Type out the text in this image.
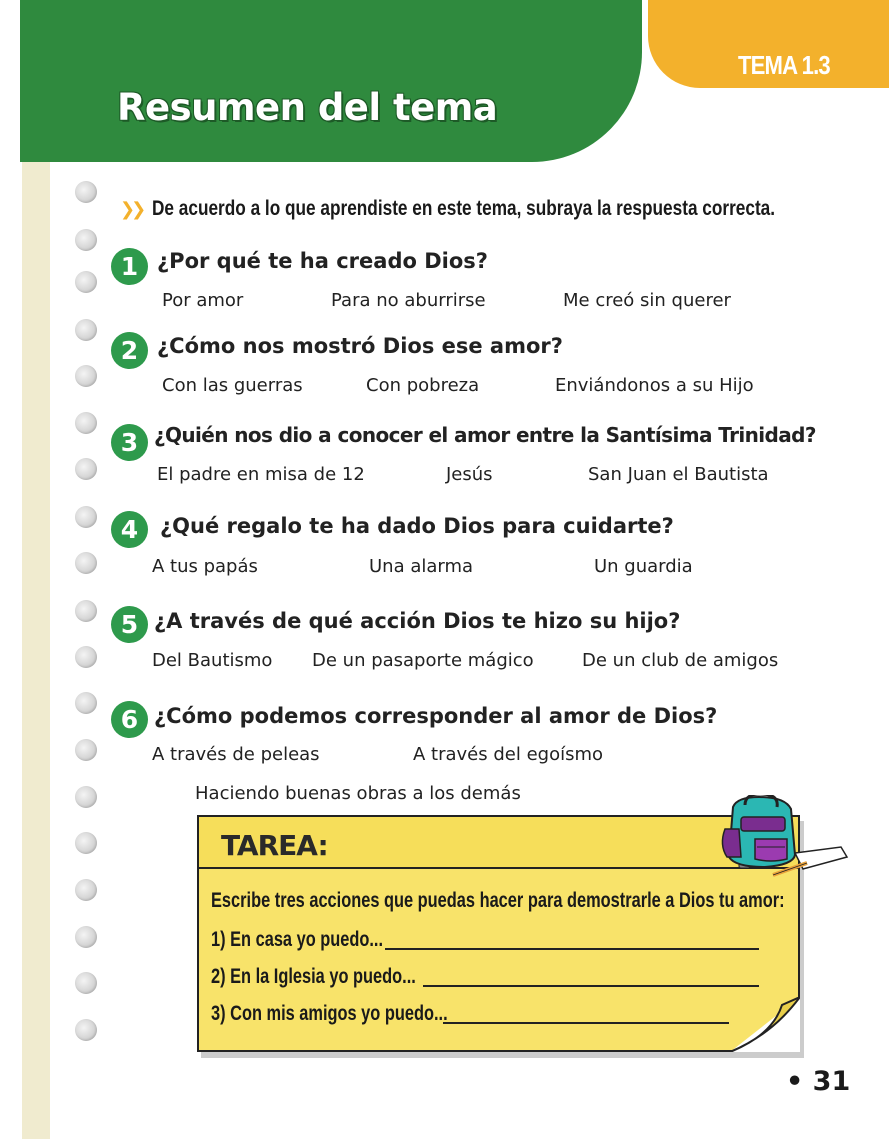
Resumen del tema
TEMA 1.3
❯❯ De acuerdo a lo que aprendiste en este tema, subraya la respuesta correcta.
1 ¿Por qué te ha creado Dios?
Por amor	Para no aburrirse	Me creó sin querer
2 ¿Cómo nos mostró Dios ese amor?
Con las guerras	Con pobreza	Enviándonos a su Hijo
3 ¿Quién nos dio a conocer el amor entre la Santísima Trinidad?
El padre en misa de 12	Jesús	San Juan el Bautista
4	¿Qué regalo te ha dado Dios para cuidarte?
A tus papás	Una alarma	Un guardia
5 ¿A través de qué acción Dios te hizo su hijo?
Del Bautismo De un pasaporte mágico	De un club de amigos
6 ¿Cómo podemos corresponder al amor de Dios?
A través de peleas	A través del egoísmo
Haciendo buenas obras a los demás
TAREA:
Escribe tres acciones que puedas hacer para demostrarle a Dios tu amor:
1) En casa yo puedo...
2) En la Iglesia yo puedo...
3) Con mis amigos yo puedo...
• 31
